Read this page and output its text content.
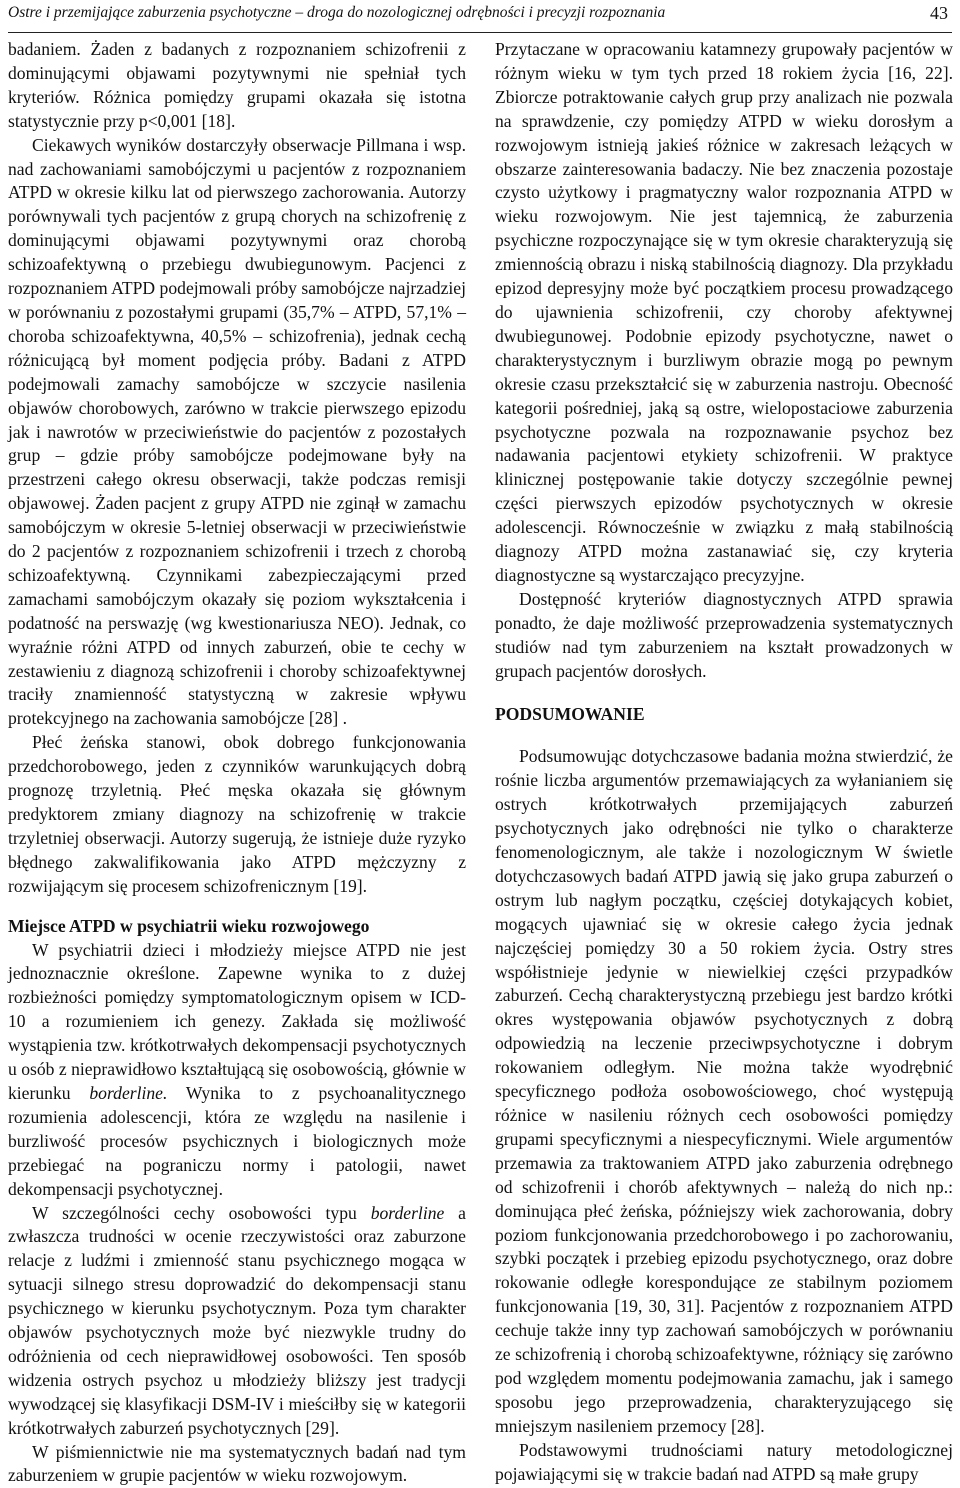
Ostre i przemijające zaburzenia psychotyczne – droga do nozologicznej odrębności i precyzji rozpoznania	43

badaniem. Żaden z badanych z rozpoznaniem schizofrenii z dominującymi objawami pozytywnymi nie spełniał tych kryteriów. Różnica pomiędzy grupami okazała się istotna statystycznie przy p<0,001 [18].

Ciekawych wyników dostarczyły obserwacje Pillmana i wsp. nad zachowaniami samobójczymi u pacjentów z rozpoznaniem ATPD w okresie kilku lat od pierwszego zachorowania. Autorzy porównywali tych pacjentów z grupą chorych na schizofrenię z dominującymi objawami pozytywnymi oraz chorobą schizoafektywną o przebiegu dwubiegunowym. Pacjenci z rozpoznaniem ATPD podejmowali próby samobójcze najrzadziej w porównaniu z pozostałymi grupami (35,7% – ATPD, 57,1% – choroba schizoafektywna, 40,5% – schizofrenia), jednak cechą różnicującą był moment podjęcia próby. Badani z ATPD podejmowali zamachy samobójcze w szczycie nasilenia objawów chorobowych, zarówno w trakcie pierwszego epizodu jak i nawrotów w przeciwieństwie do pacjentów z pozostałych grup – gdzie próby samobójcze podejmowane były na przestrzeni całego okresu obserwacji, także podczas remisji objawowej. Żaden pacjent z grupy ATPD nie zginął w zamachu samobójczym w okresie 5-letniej obserwacji w przeciwieństwie do 2 pacjentów z rozpoznaniem schizofrenii i trzech z chorobą schizoafektywną. Czynnikami zabezpieczającymi przed zamachami samobójczym okazały się poziom wykształcenia i podatność na perswazję (wg kwestionariusza NEO). Jednak, co wyraźnie różni ATPD od innych zaburzeń, obie te cechy w zestawieniu z diagnozą schizofrenii i choroby schizoafektywnej traciły znamienność statystyczną w zakresie wpływu protekcyjnego na zachowania samobójcze [28] .

Płeć żeńska stanowi, obok dobrego funkcjonowania przedchorobowego, jeden z czynników warunkujących dobrą prognozę trzyletnią. Płeć męska okazała się głównym predyktorem zmiany diagnozy na schizofrenię w trakcie trzyletniej obserwacji. Autorzy sugerują, że istnieje duże ryzyko błędnego zakwalifikowania jako ATPD mężczyzny z rozwijającym się procesem schizofrenicznym [19].

Miejsce ATPD w psychiatrii wieku rozwojowego

W psychiatrii dzieci i młodzieży miejsce ATPD nie jest jednoznacznie określone. Zapewne wynika to z dużej rozbieżności pomiędzy symptomatologicznym opisem w ICD-10 a rozumieniem ich genezy. Zakłada się możliwość wystąpienia tzw. krótkotrwałych dekompensacji psychotycznych u osób z nieprawidłowo kształtującą się osobowością, głównie w kierunku borderline. Wynika to z psychoanalitycznego rozumienia adolescencji, która ze względu na nasilenie i burzliwość procesów psychicznych i biologicznych może przebiegać na pograniczu normy i patologii, nawet dekompensacji psychotycznej.

W szczególności cechy osobowości typu borderline a zwłaszcza trudności w ocenie rzeczywistości oraz zaburzone relacje z ludźmi i zmienność stanu psychicznego mogąca w sytuacji silnego stresu doprowadzić do dekompensacji stanu psychicznego w kierunku psychotycznym. Poza tym charakter objawów psychotycznych może być niezwykle trudny do odróżnienia od cech nieprawidłowej osobowości. Ten sposób widzenia ostrych psychoz u młodzieży bliższy jest tradycji wywodzącej się klasyfikacji DSM-IV i mieściłby się w kategorii krótkotrwałych zaburzeń psychotycznych [29].

W piśmiennictwie nie ma systematycznych badań nad tym zaburzeniem w grupie pacjentów w wieku rozwojowym.

Przytaczane w opracowaniu katamnezy grupowały pacjentów w różnym wieku w tym tych przed 18 rokiem życia [16, 22]. Zbiorcze potraktowanie całych grup przy analizach nie pozwala na sprawdzenie, czy pomiędzy ATPD w wieku dorosłym a rozwojowym istnieją jakieś różnice w zakresach leżących w obszarze zainteresowania badaczy. Nie bez znaczenia pozostaje czysto użytkowy i pragmatyczny walor rozpoznania ATPD w wieku rozwojowym. Nie jest tajemnicą, że zaburzenia psychiczne rozpoczynające się w tym okresie charakteryzują się zmiennością obrazu i niską stabilnością diagnozy. Dla przykładu epizod depresyjny może być początkiem procesu prowadzącego do ujawnienia schizofrenii, czy choroby afektywnej dwubiegunowej. Podobnie epizody psychotyczne, nawet o charakterystycznym i burzliwym obrazie mogą po pewnym okresie czasu przekształcić się w zaburzenia nastroju. Obecność kategorii pośredniej, jaką są ostre, wielopostaciowe zaburzenia psychotyczne pozwala na rozpoznawanie psychoz bez nadawania pacjentowi etykiety schizofrenii. W praktyce klinicznej postępowanie takie dotyczy szczególnie pewnej części pierwszych epizodów psychotycznych w okresie adolescencji. Równocześnie w związku z małą stabilnością diagnozy ATPD można zastanawiać się, czy kryteria diagnostyczne są wystarczająco precyzyjne.

Dostępność kryteriów diagnostycznych ATPD sprawia ponadto, że daje możliwość przeprowadzenia systematycznych studiów nad tym zaburzeniem na kształt prowadzonych w grupach pacjentów dorosłych.

PODSUMOWANIE

Podsumowując dotychczasowe badania można stwierdzić, że rośnie liczba argumentów przemawiających za wyłanianiem się ostrych krótkotrwałych przemijających zaburzeń psychotycznych jako odrębności nie tylko o charakterze fenomenologicznym, ale także i nozologicznym W świetle dotychczasowych badań ATPD jawią się jako grupa zaburzeń o ostrym lub nagłym początku, częściej dotykających kobiet, mogących ujawniać się w okresie całego życia jednak najczęściej pomiędzy 30 a 50 rokiem życia. Ostry stres współistnieje jedynie w niewielkiej części przypadków zaburzeń. Cechą charakterystyczną przebiegu jest bardzo krótki okres występowania objawów psychotycznych z dobrą odpowiedzią na leczenie przeciwpsychotyczne i dobrym rokowaniem odległym. Nie można także wyodrębnić specyficznego podłoża osobowościowego, choć występują różnice w nasileniu różnych cech osobowości pomiędzy grupami specyficznymi a niespecyficznymi. Wiele argumentów przemawia za traktowaniem ATPD jako zaburzenia odrębnego od schizofrenii i chorób afektywnych – należą do nich np.: dominująca płeć żeńska, późniejszy wiek zachorowania, dobry poziom funkcjonowania przedchorobowego i po zachorowaniu, szybki początek i przebieg epizodu psychotycznego, oraz dobre rokowanie odległe korespondujące ze stabilnym poziomem funkcjonowania [19, 30, 31]. Pacjentów z rozpoznaniem ATPD cechuje także inny typ zachowań samobójczych w porównaniu ze schizofrenią i chorobą schizoafektywne, różniący się zarówno pod względem momentu podejmowania zamachu, jak i samego sposobu jego przeprowadzenia, charakteryzującego się mniejszym nasileniem przemocy [28].

Podstawowymi trudnościami natury metodologicznej pojawiającymi się w trakcie badań nad ATPD są małe grupy
